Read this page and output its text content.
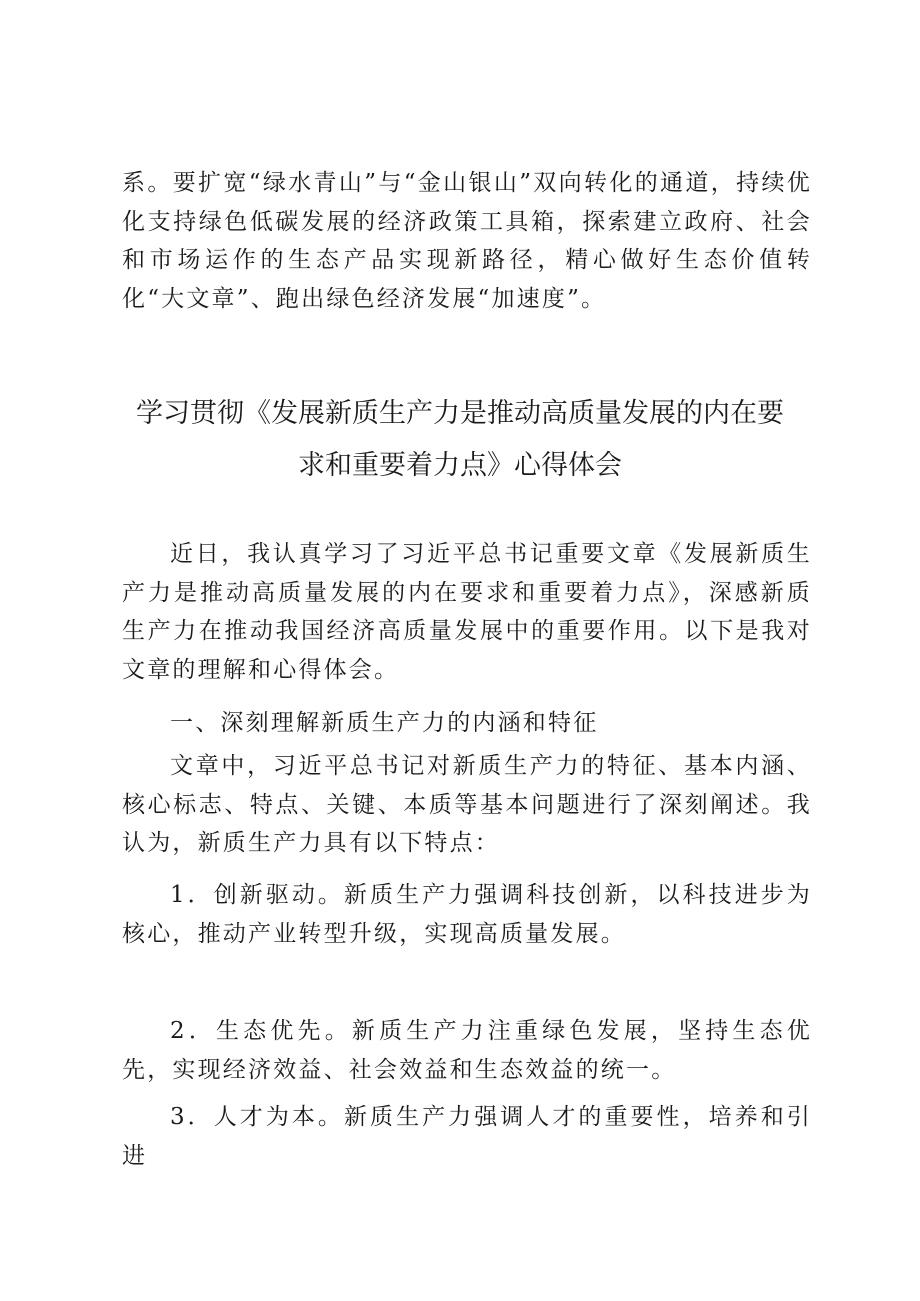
系。要扩宽“绿水青山”与“金山银山”双向转化的通道，持续优化支持绿色低碳发展的经济政策工具箱，探索建立政府、社会和市场运作的生态产品实现新路径，精心做好生态价值转化“大文章”、跑出绿色经济发展“加速度”。

学习贯彻《发展新质生产力是推动高质量发展的内在要
求和重要着力点》心得体会

近日，我认真学习了习近平总书记重要文章《发展新质生产力是推动高质量发展的内在要求和重要着力点》，深感新质生产力在推动我国经济高质量发展中的重要作用。以下是我对文章的理解和心得体会。

一、深刻理解新质生产力的内涵和特征

文章中，习近平总书记对新质生产力的特征、基本内涵、核心标志、特点、关键、本质等基本问题进行了深刻阐述。我认为，新质生产力具有以下特点：

1．创新驱动。新质生产力强调科技创新，以科技进步为核心，推动产业转型升级，实现高质量发展。

2．生态优先。新质生产力注重绿色发展，坚持生态优先，实现经济效益、社会效益和生态效益的统一。

3．人才为本。新质生产力强调人才的重要性，培养和引进
